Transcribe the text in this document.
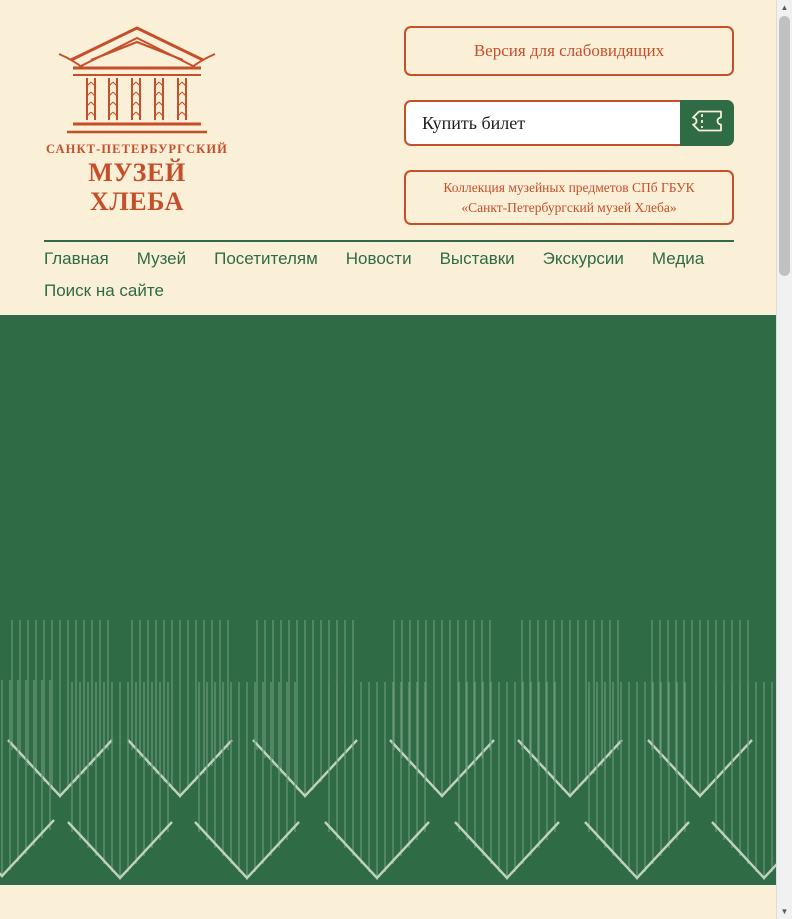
САНКТ-ПЕТЕРБУРГСКИЙ
МУЗЕЙ ХЛЕБА
Версия для слабовидящих
Купить билет
Коллекция музейных предметов СПб ГБУК
«Санкт-Петербургский музей Хлеба»
Главная Музей Посетителям Новости Выставки Экскурсии Медиа
Поиск на сайте
▲
▼
